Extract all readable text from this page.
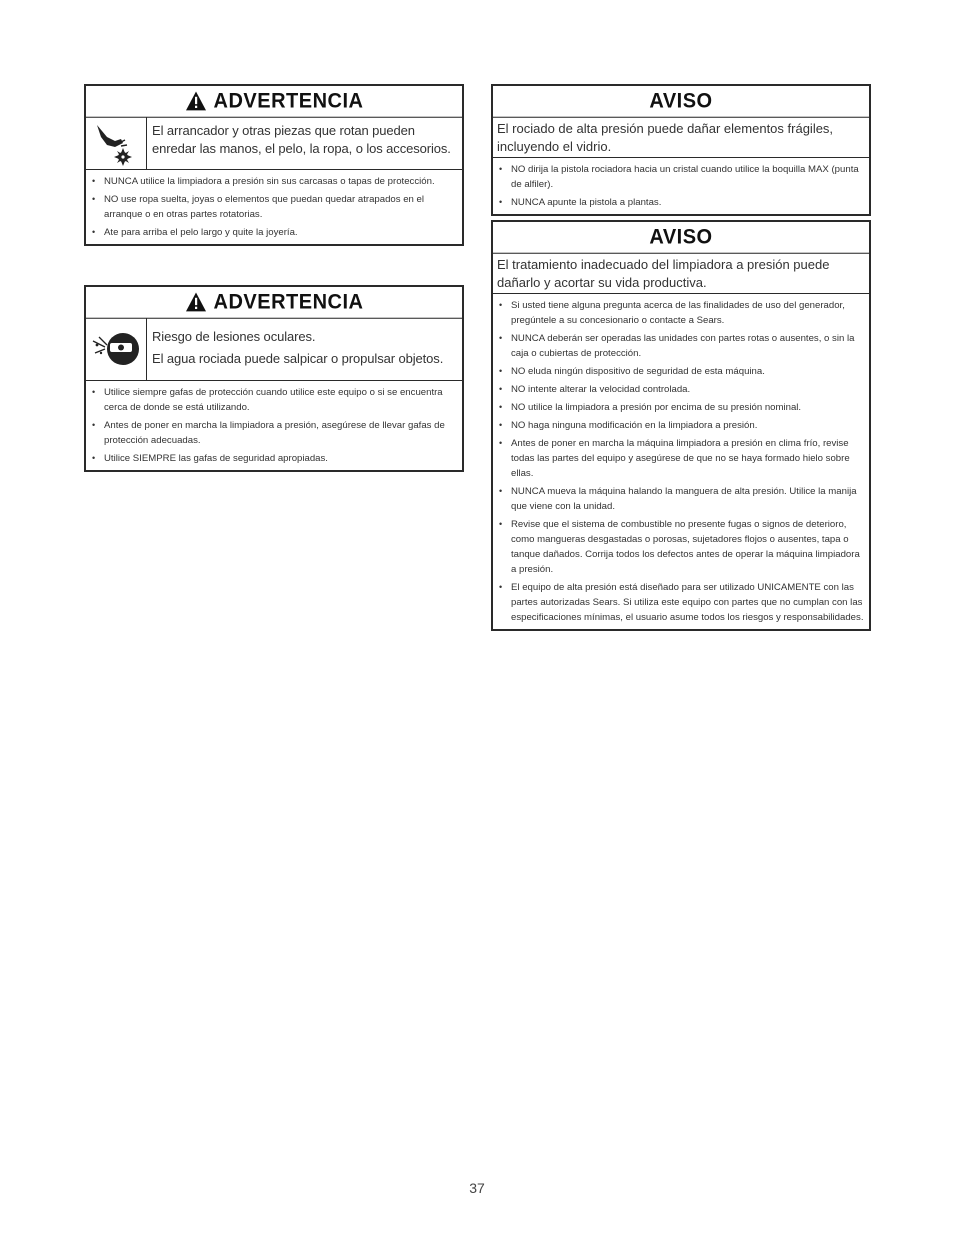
ADVERTENCIA
El arrancador y otras piezas que rotan pueden enredar las manos, el pelo, la ropa, o los accesorios.
• NUNCA utilice la limpiadora a presión sin sus carcasas o tapas de protección.
• NO use ropa suelta, joyas o elementos que puedan quedar atrapados en el arranque o en otras partes rotatorias.
• Ate para arriba el pelo largo y quite la joyería.
ADVERTENCIA
Riesgo de lesiones oculares.
El agua rociada puede salpicar o propulsar objetos.
• Utilice siempre gafas de protección cuando utilice este equipo o si se encuentra cerca de donde se está utilizando.
• Antes de poner en marcha la limpiadora a presión, asegúrese de llevar gafas de protección adecuadas.
• Utilice SIEMPRE las gafas de seguridad apropiadas.
AVISO
El rociado de alta presión puede dañar elementos frágiles, incluyendo el vidrio.
• NO dirija la pistola rociadora hacia un cristal cuando utilice la boquilla MAX (punta de alfiler).
• NUNCA apunte la pistola a plantas.
AVISO
El tratamiento inadecuado del limpiadora a presión puede dañarlo y acortar su vida productiva.
• Si usted tiene alguna pregunta acerca de las finalidades de uso del generador, pregúntele a su concesionario o contacte a Sears.
• NUNCA deberán ser operadas las unidades con partes rotas o ausentes, o sin la caja o cubiertas de protección.
• NO eluda ningún dispositivo de seguridad de esta máquina.
• NO intente alterar la velocidad controlada.
• NO utilice la limpiadora a presión por encima de su presión nominal.
• NO haga ninguna modificación en la limpiadora a presión.
• Antes de poner en marcha la máquina limpiadora a presión en clima frío, revise todas las partes del equipo y asegúrese de que no se haya formado hielo sobre ellas.
• NUNCA mueva la máquina halando la manguera de alta presión. Utilice la manija que viene con la unidad.
• Revise que el sistema de combustible no presente fugas o signos de deterioro, como mangueras desgastadas o porosas, sujetadores flojos o ausentes, tapa o tanque dañados. Corrija todos los defectos antes de operar la máquina limpiadora a presión.
• El equipo de alta presión está diseñado para ser utilizado UNICAMENTE con las partes autorizadas Sears. Si utiliza este equipo con partes que no cumplan con las especificaciones mínimas, el usuario asume todos los riesgos y responsabilidades.
37
